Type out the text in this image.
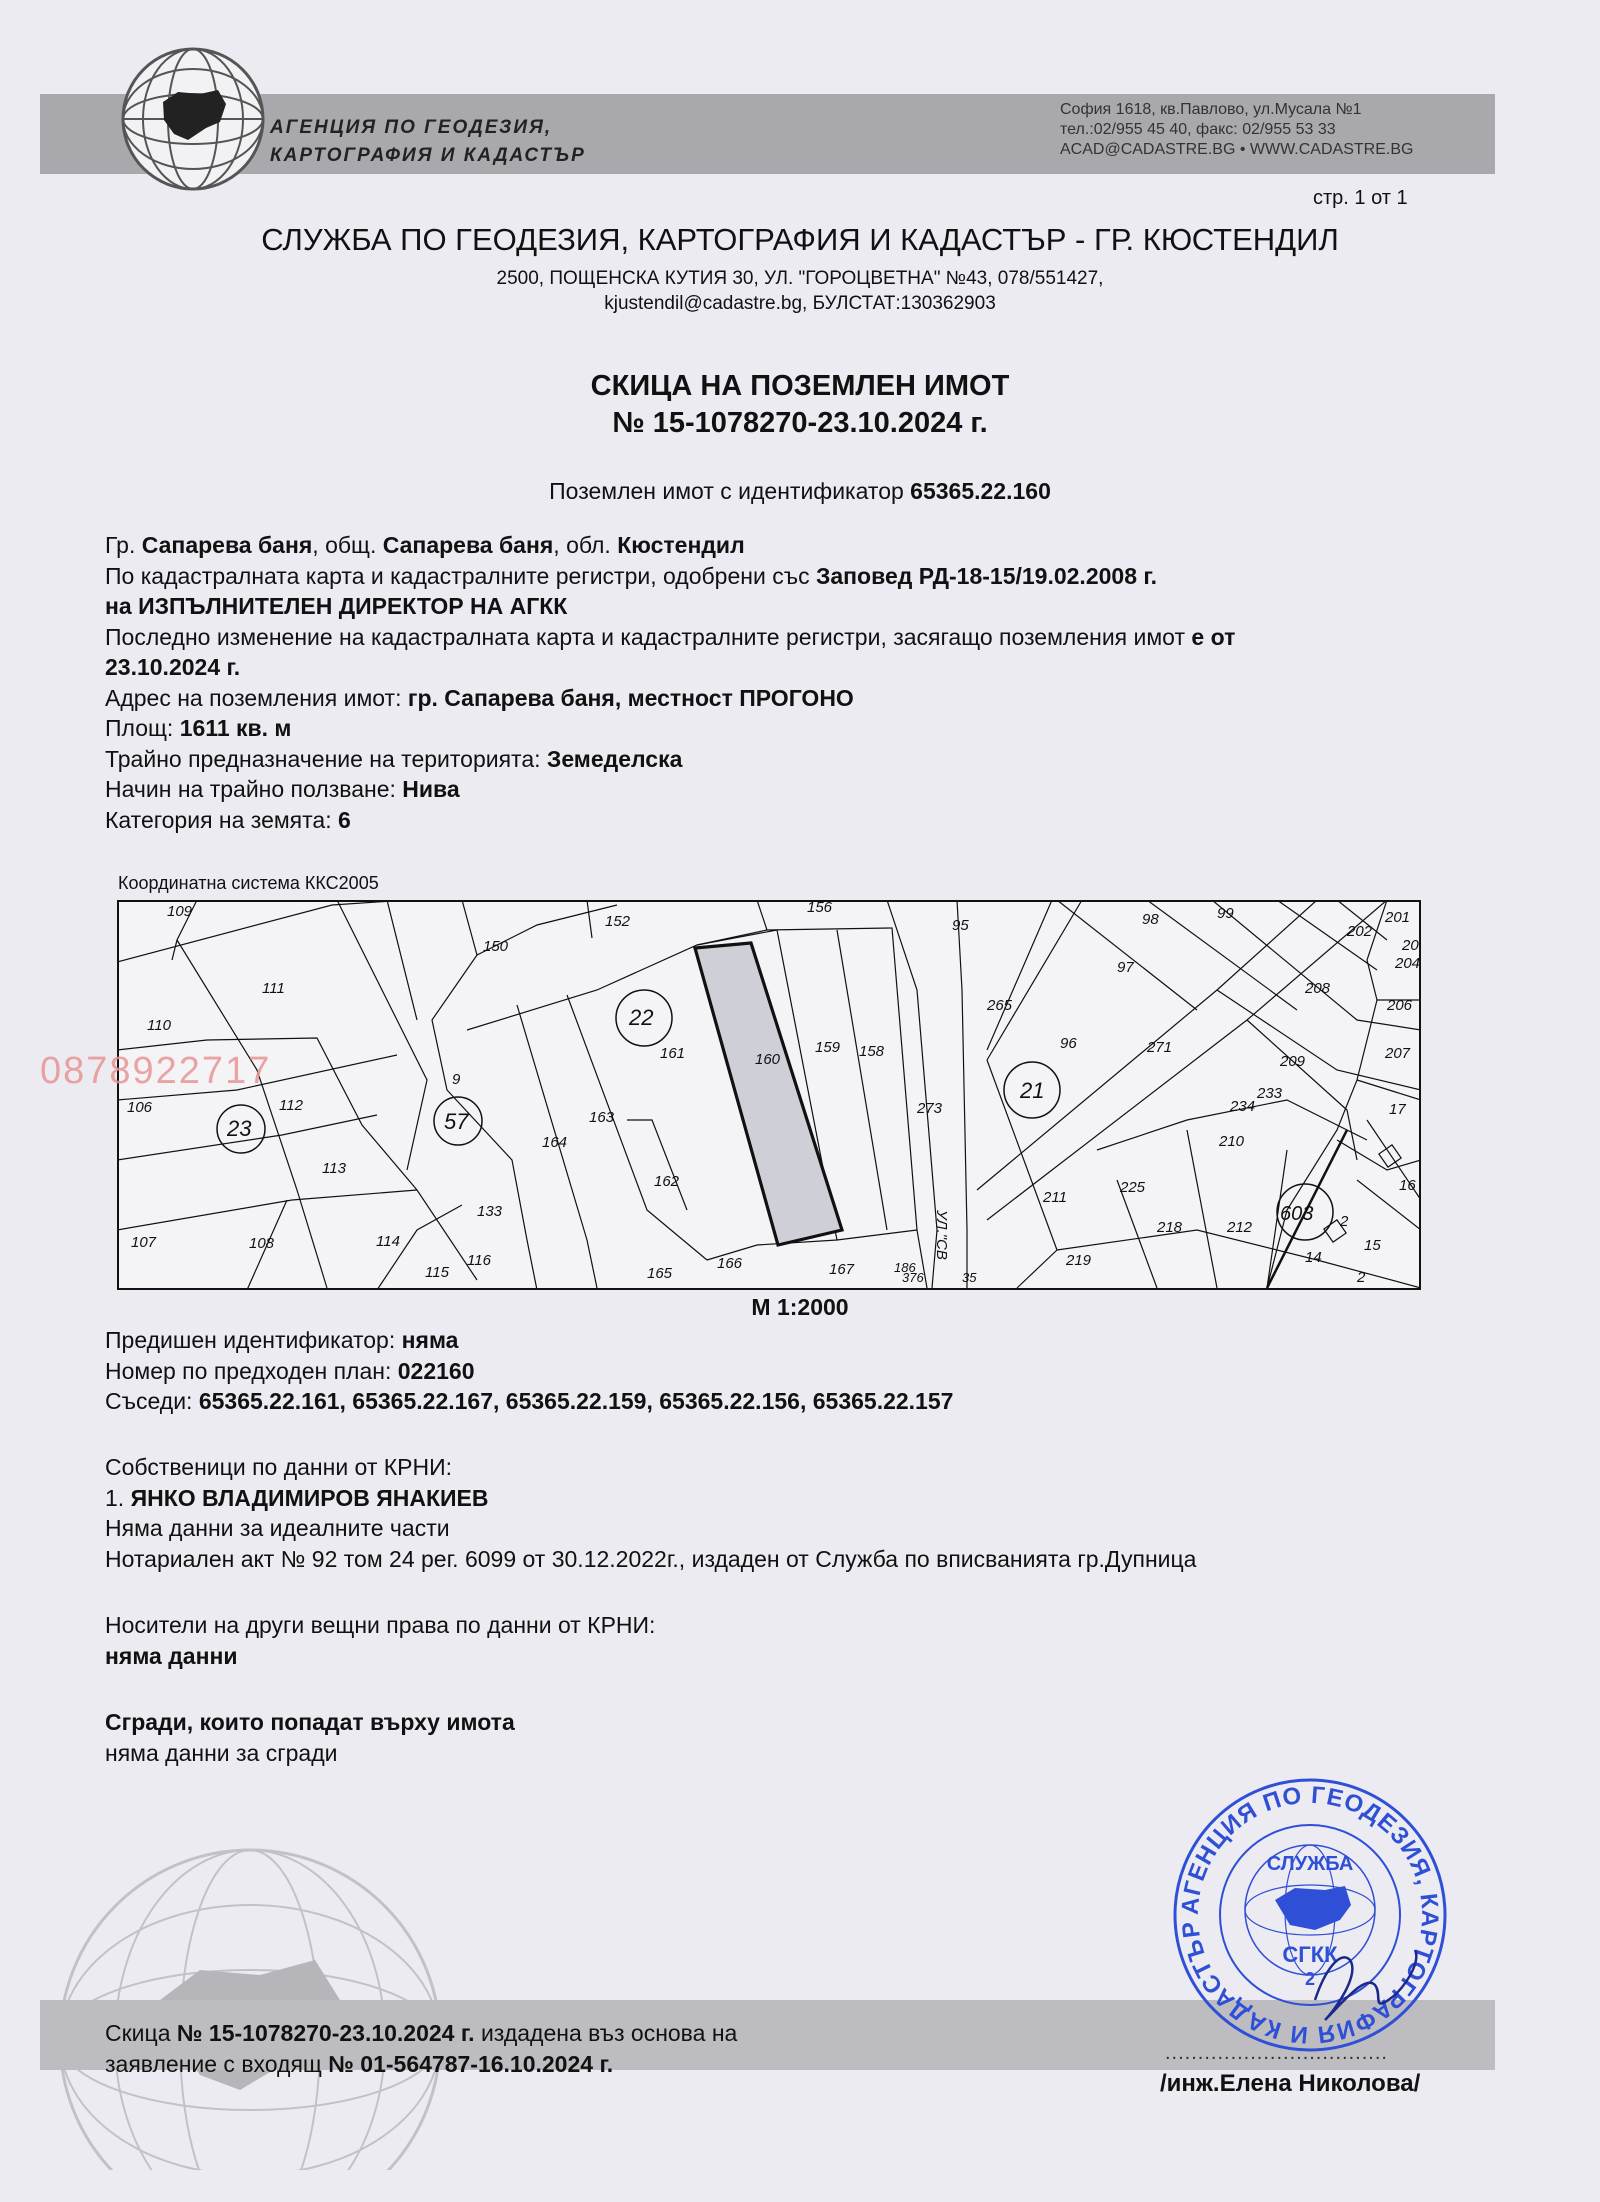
АГЕНЦИЯ ПО ГЕОДЕЗИЯ,
КАРТОГРАФИЯ И КАДАСТЪР
София 1618, кв.Павлово, ул.Мусала №1
тел.:02/955 45 40, факс: 02/955 53 33
ACAD@CADASTRE.BG • WWW.CADASTRE.BG
стр. 1 от 1
СЛУЖБА ПО ГЕОДЕЗИЯ, КАРТОГРАФИЯ И КАДАСТЪР - ГР. КЮСТЕНДИЛ
2500, ПОЩЕНСКА КУТИЯ 30, УЛ. "ГОРОЦВЕТНА" №43, 078/551427,
kjustendil@cadastre.bg, БУЛСТАТ:130362903
СКИЦА НА ПОЗЕМЛЕН ИМОТ
№ 15-1078270-23.10.2024 г.
Поземлен имот с идентификатор 65365.22.160
Гр. Сапарева баня, общ. Сапарева баня, обл. Кюстендил
По кадастралната карта и кадастралните регистри, одобрени със Заповед РД-18-15/19.02.2008 г.
на ИЗПЪЛНИТЕЛЕН ДИРЕКТОР НА АГКК
Последно изменение на кадастралната карта и кадастралните регистри, засягащо поземления имот е от
23.10.2024 г.
Адрес на поземления имот: гр. Сапарева баня, местност ПРОГОНО
Площ: 1611 кв. м
Трайно предназначение на територията: Земеделска
Начин на трайно ползване: Нива
Категория на земята: 6
Координатна система ККС2005
109
150
152
156
95	98	99
202
201
20
204
111
110	22
97
208
206
161	160
159 158
265
96	271
209	207
106	112
9
57
23	163
273
21
234
233
17
164	210
113
162	16
133
211
225
603
107	108	114
218	212	2
15
116
115	165
166	167	186
376	35
219	14
2
УЛ."СВ
0878922717
М 1:2000
Предишен идентификатор: няма
Номер по предходен план: 022160
Съседи: 65365.22.161, 65365.22.167, 65365.22.159, 65365.22.156, 65365.22.157
Собственици по данни от КРНИ:
1. ЯНКО ВЛАДИМИРОВ ЯНАКИЕВ
Няма данни за идеалните части
Нотариален акт № 92 том 24 рег. 6099 от 30.12.2022г., издаден от Служба по вписванията гр.Дупница
Носители на други вещни права по данни от КРНИ:
няма данни
Сгради, които попадат върху имота
няма данни за сгради
Скица № 15-1078270-23.10.2024 г. издадена въз основа на
заявление с входящ № 01-564787-16.10.2024 г.
АГЕНЦИЯ ПО ГЕОДЕЗИЯ, КАРТОГРАФИЯ И КАДАСТЪР
СЛУЖБА
СГКК
2
..................................
/инж.Елена Николова/
